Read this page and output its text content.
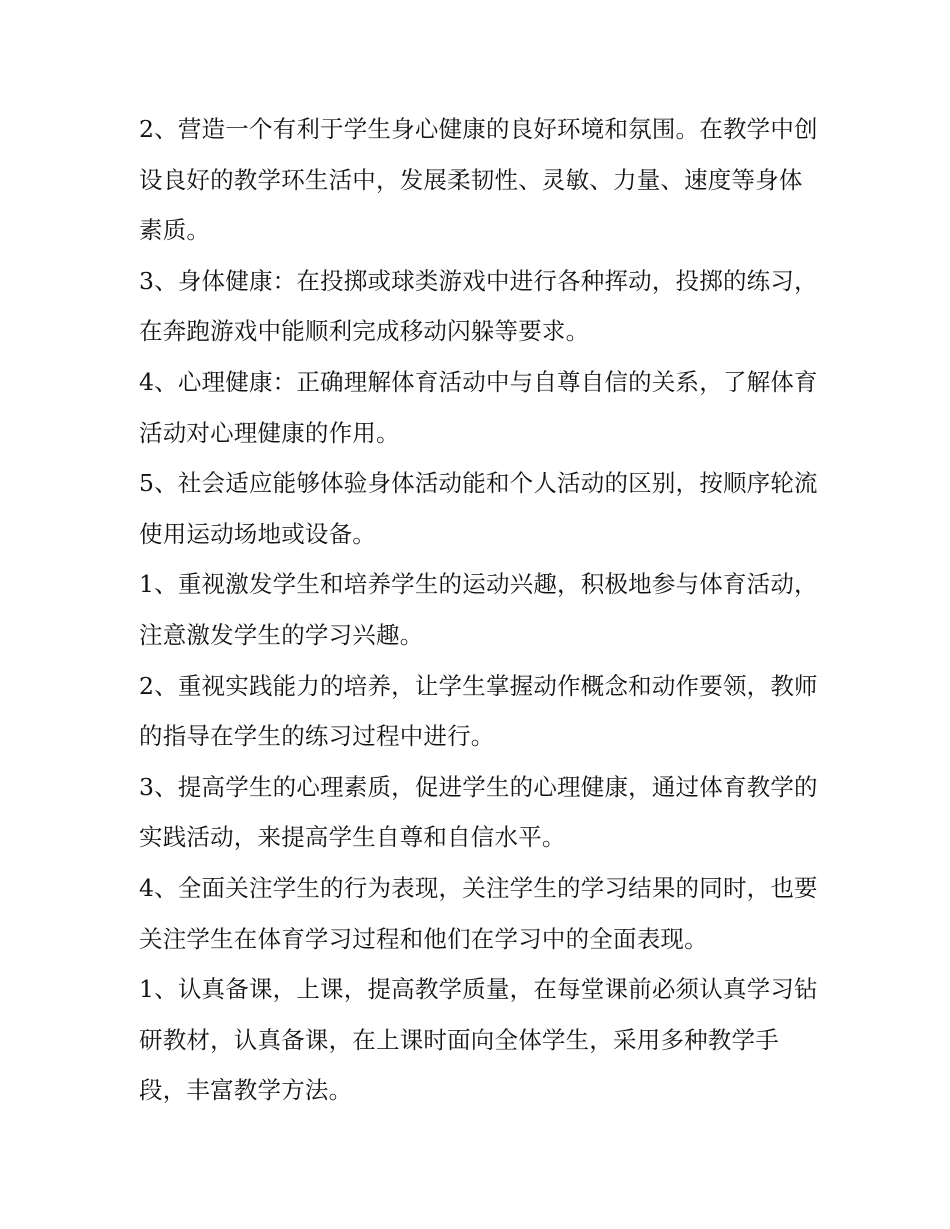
2、营造一个有利于学生身心健康的良好环境和氛围。在教学中创设良好的教学环生活中，发展柔韧性、灵敏、力量、速度等身体素质。

3、身体健康：在投掷或球类游戏中进行各种挥动，投掷的练习，在奔跑游戏中能顺利完成移动闪躲等要求。

4、心理健康：正确理解体育活动中与自尊自信的关系，了解体育活动对心理健康的作用。

5、社会适应能够体验身体活动能和个人活动的区别，按顺序轮流使用运动场地或设备。

1、重视激发学生和培养学生的运动兴趣，积极地参与体育活动，注意激发学生的学习兴趣。

2、重视实践能力的培养，让学生掌握动作概念和动作要领，教师的指导在学生的练习过程中进行。

3、提高学生的心理素质，促进学生的心理健康，通过体育教学的实践活动，来提高学生自尊和自信水平。

4、全面关注学生的行为表现，关注学生的学习结果的同时，也要关注学生在体育学习过程和他们在学习中的全面表现。

1、认真备课，上课，提高教学质量，在每堂课前必须认真学习钻研教材，认真备课，在上课时面向全体学生，采用多种教学手段，丰富教学方法。
